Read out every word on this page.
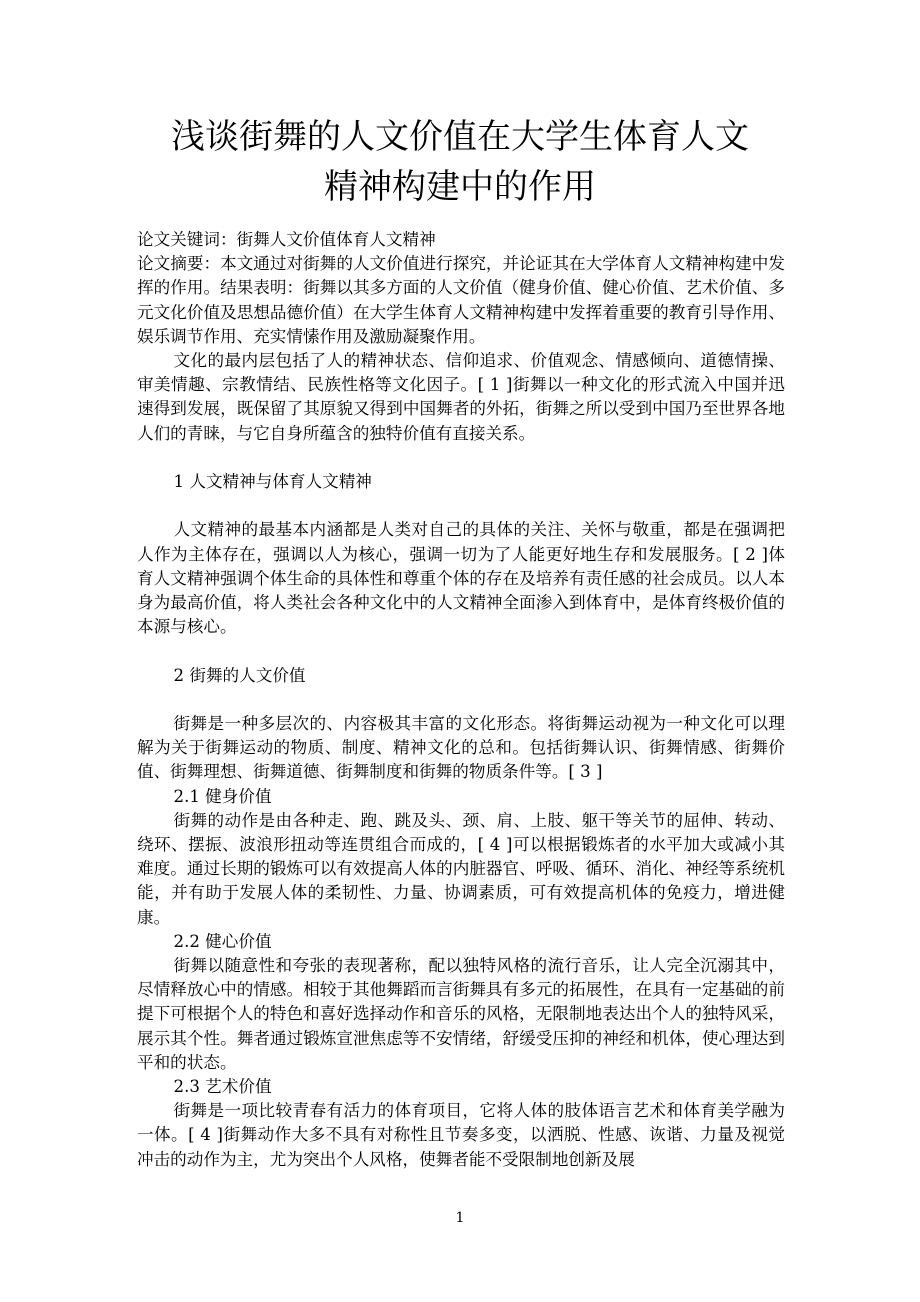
浅谈街舞的人文价值在大学生体育人文
精神构建中的作用

论文关键词：街舞人文价值体育人文精神

论文摘要：本文通过对街舞的人文价值进行探究，并论证其在大学体育人文精神构建中发挥的作用。结果表明：街舞以其多方面的人文价值（健身价值、健心价值、艺术价值、多元文化价值及思想品德价值）在大学生体育人文精神构建中发挥着重要的教育引导作用、娱乐调节作用、充实情愫作用及激励凝聚作用。

文化的最内层包括了人的精神状态、信仰追求、价值观念、情感倾向、道德情操、审美情趣、宗教情结、民族性格等文化因子。[ 1 ]街舞以一种文化的形式流入中国并迅速得到发展，既保留了其原貌又得到中国舞者的外拓，街舞之所以受到中国乃至世界各地人们的青睐，与它自身所蕴含的独特价值有直接关系。

1 人文精神与体育人文精神

人文精神的最基本内涵都是人类对自己的具体的关注、关怀与敬重，都是在强调把人作为主体存在，强调以人为核心，强调一切为了人能更好地生存和发展服务。[ 2 ]体育人文精神强调个体生命的具体性和尊重个体的存在及培养有责任感的社会成员。以人本身为最高价值，将人类社会各种文化中的人文精神全面渗入到体育中，是体育终极价值的本源与核心。

2 街舞的人文价值

街舞是一种多层次的、内容极其丰富的文化形态。将街舞运动视为一种文化可以理解为关于街舞运动的物质、制度、精神文化的总和。包括街舞认识、街舞情感、街舞价值、街舞理想、街舞道德、街舞制度和街舞的物质条件等。[ 3 ]

2.1 健身价值

街舞的动作是由各种走、跑、跳及头、颈、肩、上肢、躯干等关节的屈伸、转动、绕环、摆振、波浪形扭动等连贯组合而成的，[ 4 ]可以根据锻炼者的水平加大或减小其难度。通过长期的锻炼可以有效提高人体的内脏器官、呼吸、循环、消化、神经等系统机能，并有助于发展人体的柔韧性、力量、协调素质，可有效提高机体的免疫力，增进健康。

2.2 健心价值

街舞以随意性和夸张的表现著称，配以独特风格的流行音乐，让人完全沉溺其中，尽情释放心中的情感。相较于其他舞蹈而言街舞具有多元的拓展性，在具有一定基础的前提下可根据个人的特色和喜好选择动作和音乐的风格，无限制地表达出个人的独特风采，展示其个性。舞者通过锻炼宣泄焦虑等不安情绪，舒缓受压抑的神经和机体，使心理达到平和的状态。

2.3 艺术价值

街舞是一项比较青春有活力的体育项目，它将人体的肢体语言艺术和体育美学融为一体。[ 4 ]街舞动作大多不具有对称性且节奏多变，以洒脱、性感、诙谐、力量及视觉冲击的动作为主，尤为突出个人风格，使舞者能不受限制地创新及展

1
